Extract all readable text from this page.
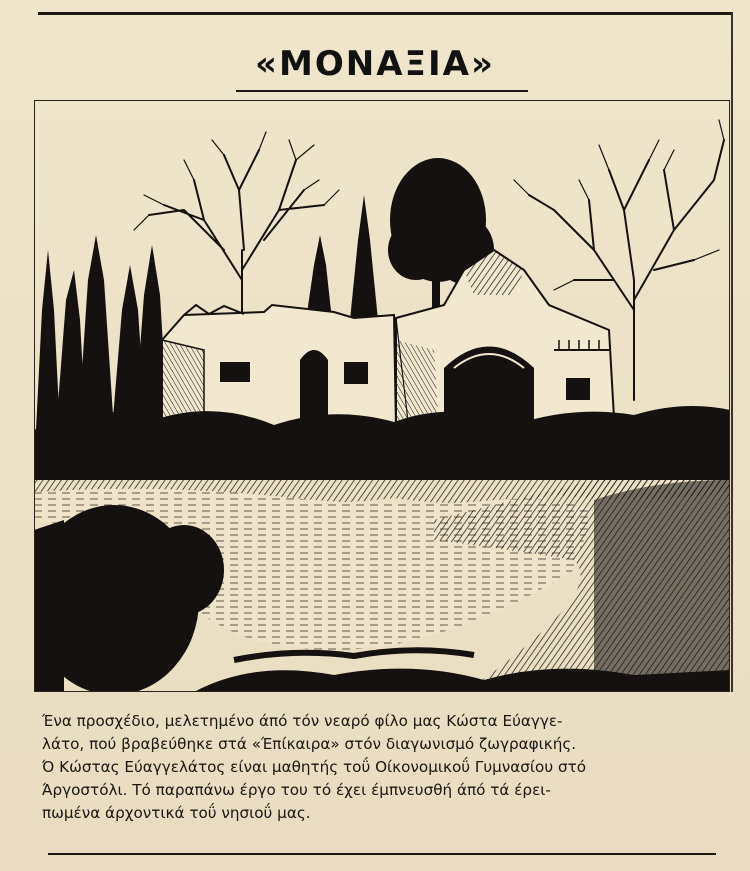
«ΜΟΝΑΞΙΑ»
Ένα προσχέδιο, μελετημένο άπό τόν νεαρό φίλο μας Κώστα Εύαγγε-
λάτο, πού βραβεύθηκε στά «Έπίκαιρα» στόν διαγωνισμό ζωγραφικής.
Ό Κώστας Εύαγγελάτος είναι μαθητής τοΰ Οίκονομικοΰ Γυμνασίου στό
Άργοστόλι. Τό παραπάνω έργο του τό έχει έμπνευσθή άπό τά έρει-
πωμένα άρχοντικά τοΰ νησιοΰ μας.
